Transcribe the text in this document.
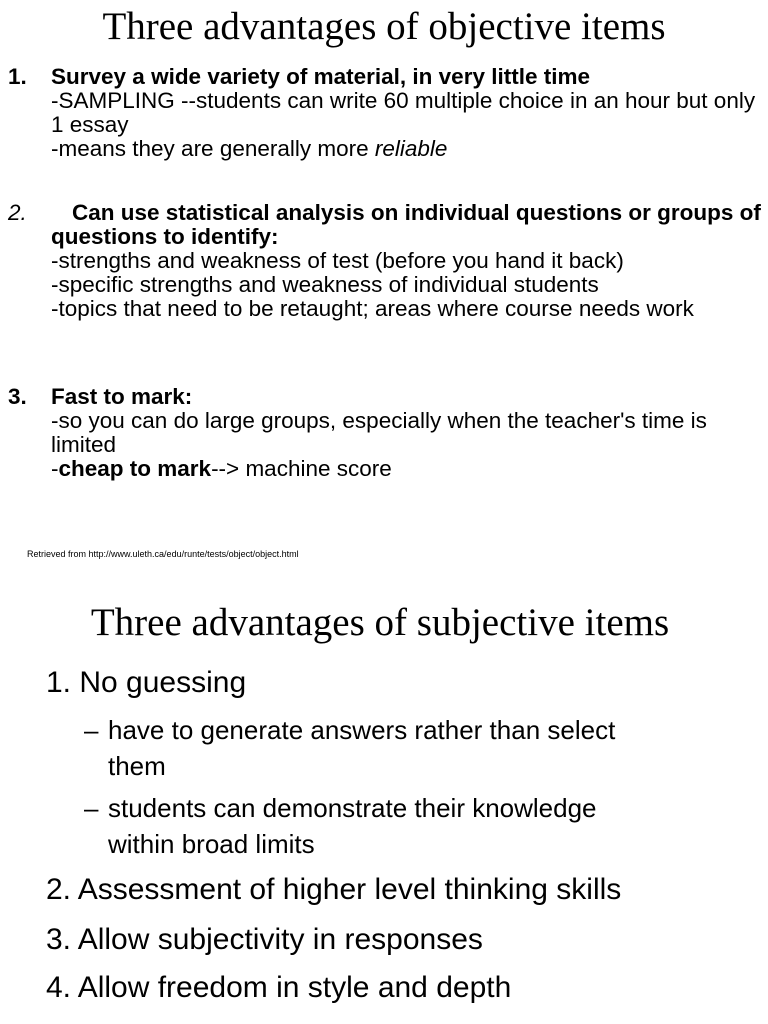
Three advantages of objective items
1. Survey a wide variety of material, in very little time
-SAMPLING --students can write 60 multiple choice in an hour but only 1 essay
-means they are generally more reliable
2.	Can use statistical analysis on individual questions or groups of questions to identify:
-strengths and weakness of test (before you hand it back)
-specific strengths and weakness of individual students
-topics that need to be retaught; areas where course needs work
3. Fast to mark:
-so you can do large groups, especially when the teacher's time is limited
-cheap to mark--> machine score
Retrieved from http://www.uleth.ca/edu/runte/tests/object/object.html
Three advantages of subjective items
1. No guessing
– have to generate answers rather than select
them
– students can demonstrate their knowledge
within broad limits
2. Assessment of higher level thinking skills
3. Allow subjectivity in responses
4. Allow freedom in style and depth
